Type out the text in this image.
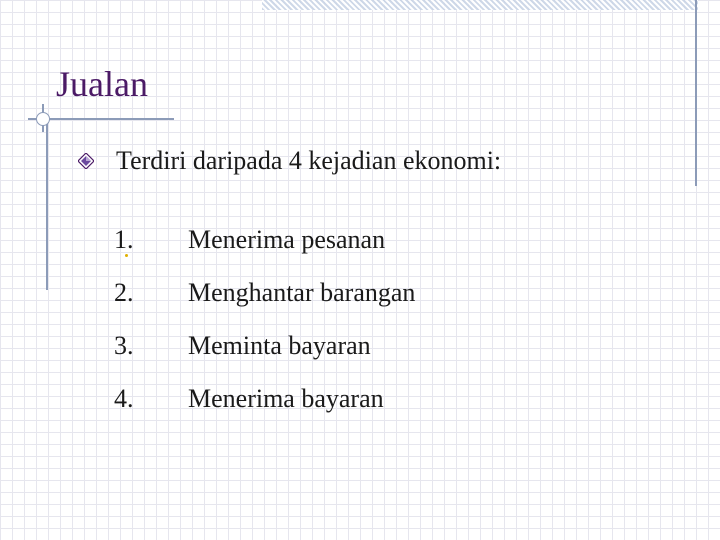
Jualan
Terdiri daripada 4 kejadian ekonomi:
1.	Menerima pesanan
2.	Menghantar barangan
3.	Meminta bayaran
4.	Menerima bayaran
